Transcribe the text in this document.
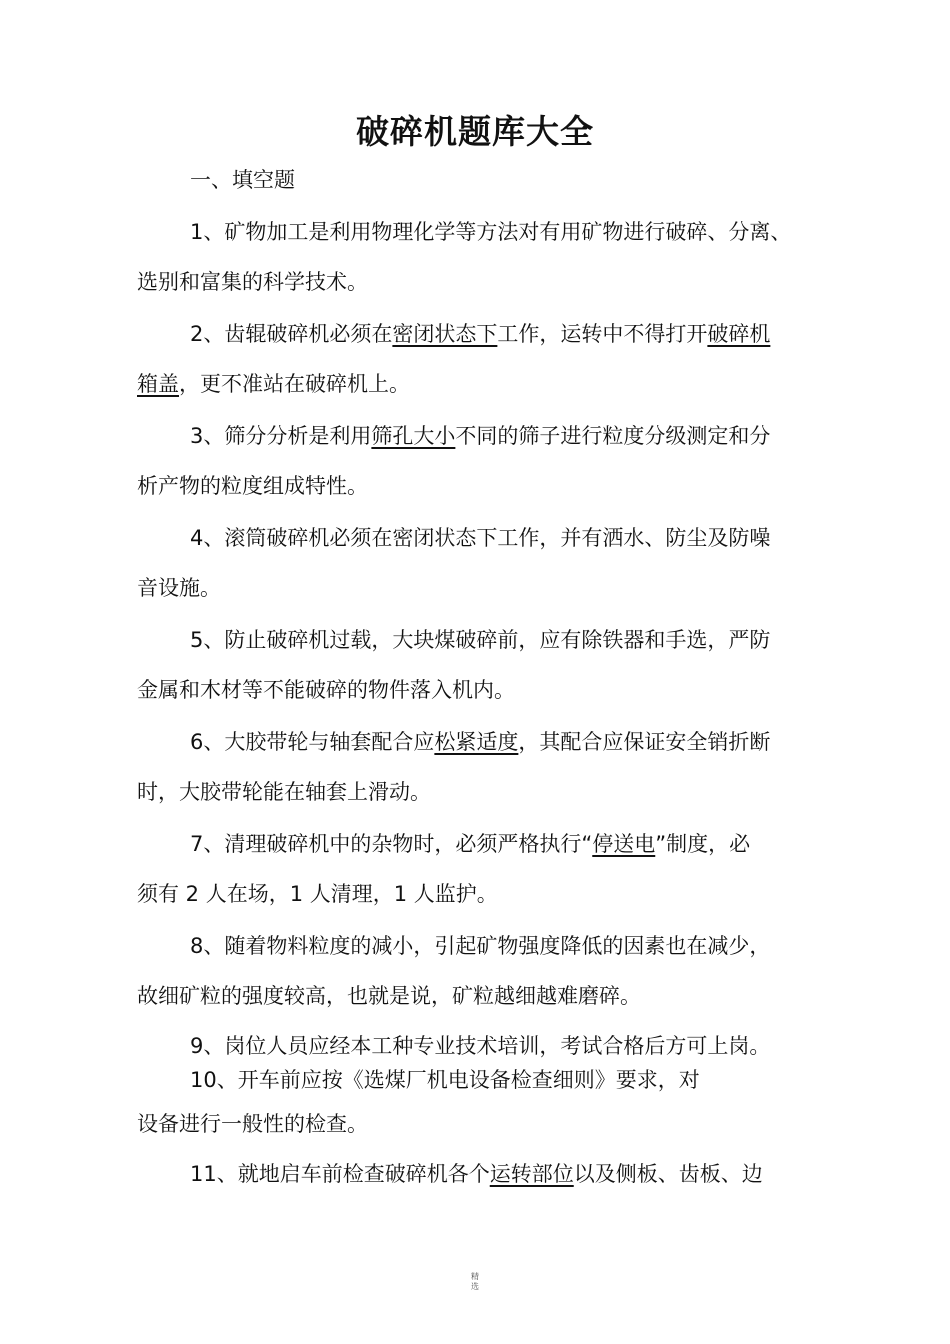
破碎机题库大全
一、填空题
1、矿物加工是利用物理化学等方法对有用矿物进行破碎、分离、
选别和富集的科学技术。
2、齿辊破碎机必须在密闭状态下工作，运转中不得打开破碎机
箱盖，更不准站在破碎机上。
3、筛分分析是利用筛孔大小不同的筛子进行粒度分级测定和分
析产物的粒度组成特性。
4、滚筒破碎机必须在密闭状态下工作，并有洒水、防尘及防噪
音设施。
5、防止破碎机过载，大块煤破碎前，应有除铁器和手选，严防
金属和木材等不能破碎的物件落入机内。
6、大胶带轮与轴套配合应松紧适度，其配合应保证安全销折断
时，大胶带轮能在轴套上滑动。
7、清理破碎机中的杂物时，必须严格执行“停送电”制度，必
须有 2 人在场，1 人清理，1 人监护。
8、随着物料粒度的减小，引起矿物强度降低的因素也在减少，
故细矿粒的强度较高，也就是说，矿粒越细越难磨碎。
9、岗位人员应经本工种专业技术培训，考试合格后方可上岗。
10、开车前应按《选煤厂机电设备检查细则》要求，对
设备进行一般性的检查。
11、就地启车前检查破碎机各个运转部位以及侧板、齿板、边
精
选
